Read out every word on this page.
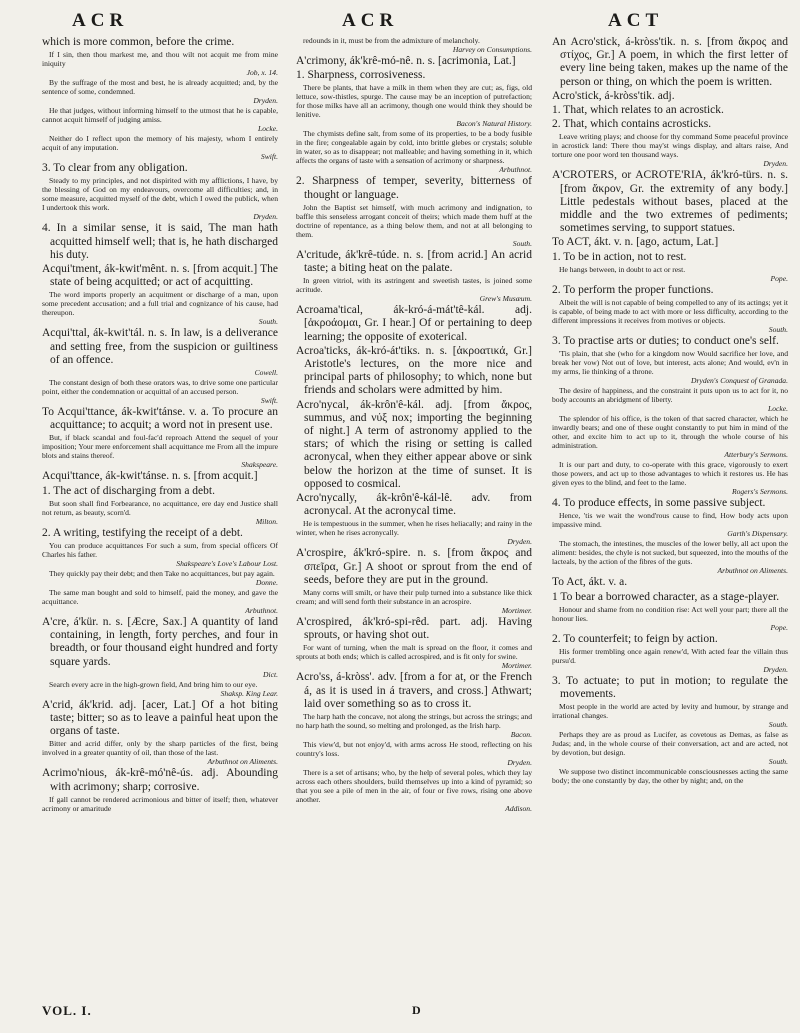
ACR	ACR	ACT

which is more common, before the crime.

If I sin, then thou markest me, and thou wilt not acquit me from mine iniquity

Job, x. 14.

By the suffrage of the most and best, he is already acquitted; and, by the sentence of some, condemned.

Dryden.

He that judges, without informing himself to the utmost that he is capable, cannot acquit himself of judging amiss.

Locke.

Neither do I reflect upon the memory of his majesty, whom I entirely acquit of any imputation.

Swift.

3. To clear from any obligation.

Steady to my principles, and not dispirited with my afflictions, I have, by the blessing of God on my endeavours, overcome all difficulties; and, in some measure, acquitted myself of the debt, which I owed the publick, when I undertook this work.

Dryden.

4. In a similar sense, it is said, The man hath acquitted himself well; that is, he hath discharged his duty.

Acqui'tment, ák-kwit'mênt. n. s. [from acquit.] The state of being acquitted; or act of acquitting.

The word imports properly an acquitment or discharge of a man, upon some precedent accusation; and a full trial and cognizance of his cause, had thereupon.

South.

Acqui'ttal, ák-kwit'tál. n. s. In law, is a deliverance and setting free, from the suspicion or guiltiness of an offence.

Cowell.

The constant design of both these orators was, to drive some one particular point, either the condemnation or acquittal of an accused person.

Swift.

To Acqui'ttance, ák-kwit'tánse. v. a. To procure an acquittance; to acquit; a word not in present use.

But, if black scandal and foul-fac'd reproach Attend the sequel of your imposition; Your mere enforcement shall acquittance me From all the impure blots and stains thereof.

Shakspeare.

Acqui'ttance, ák-kwit'tánse. n. s. [from acquit.]

1. The act of discharging from a debt.

But soon shall find Forbearance, no acquittance, ere day end Justice shall not return, as beauty, scorn'd.

Milton.

2. A writing, testifying the receipt of a debt.

You can produce acquittances For such a sum, from special officers Of Charles his father.

Shakspeare's Love's Labour Lost.

They quickly pay their debt; and then Take no acquittances, but pay again.

Donne.

The same man bought and sold to himself, paid the money, and gave the acquittance.

Arbuthnot.

A'cre, á'kür. n. s. [Æcre, Sax.] A quantity of land containing, in length, forty perches, and four in breadth, or four thousand eight hundred and forty square yards.

Dict.

Search every acre in the high-grown field, And bring him to our eye.

Shaksp. King Lear.

A'crid, ák'krid. adj. [acer, Lat.] Of a hot biting taste; bitter; so as to leave a painful heat upon the organs of taste.

Bitter and acrid differ, only by the sharp particles of the first, being involved in a greater quantity of oil, than those of the last.

Arbuthnot on Aliments.

Acrimo'nious, ák-krê-mó'nê-ús. adj. Abounding with acrimony; sharp; corrosive.

If gall cannot be rendered acrimonious and bitter of itself; then, whatever acrimony or amaritude

redounds in it, must be from the admixture of melancholy.

Harvey on Consumptions.

A'crimony, ák'krê-mó-nê. n. s. [acrimonia, Lat.]

1. Sharpness, corrosiveness.

There be plants, that have a milk in them when they are cut; as, figs, old lettuce, sow-thistles, spurge. The cause may be an inception of putrefaction; for those milks have all an acrimony, though one would think they should be lenitive.

Bacon's Natural History.

The chymists define salt, from some of its properties, to be a body fusible in the fire; congealable again by cold, into brittle glebes or crystals; soluble in water, so as to disappear; not malleable; and having something in it, which affects the organs of taste with a sensation of acrimony or sharpness.

Arbuthnot.

2. Sharpness of temper, severity, bitterness of thought or language.

John the Baptist set himself, with much acrimony and indignation, to baffle this senseless arrogant conceit of theirs; which made them huff at the doctrine of repentance, as a thing below them, and not at all belonging to them.

South.

A'critude, ák'krê-túde. n. s. [from acrid.] An acrid taste; a biting heat on the palate.

In green vitriol, with its astringent and sweetish tastes, is joined some acritude.

Grew's Musæum.

Acroama'tical, ák-kró-á-mát'tê-kál. adj. [ἀκροάομαι, Gr. I hear.] Of or pertaining to deep learning; the opposite of exoterical.

Acroa'ticks, ák-kró-át'tiks. n. s. [ἀκροατικά, Gr.] Aristotle's lectures, on the more nice and principal parts of philosophy; to which, none but friends and scholars were admitted by him.

Acro'nycal, ák-krôn'ê-kál. adj. [from ἄκρος, summus, and νύξ nox; importing the beginning of night.] A term of astronomy applied to the stars; of which the rising or setting is called acronycal, when they either appear above or sink below the horizon at the time of sunset. It is opposed to cosmical.

Acro'nycally, ák-krôn'ê-kál-lê. adv. from acronycal. At the acronycal time.

He is tempestuous in the summer, when he rises heliacally; and rainy in the winter, when he rises acronycally.

Dryden.

A'crospire, ák'kró-spire. n. s. [from ἄκρος and σπεῖρα, Gr.] A shoot or sprout from the end of seeds, before they are put in the ground.

Many corns will smilt, or have their pulp turned into a substance like thick cream; and will send forth their substance in an acrospire.

Mortimer.

A'crospired, ák'kró-spi-rêd. part. adj. Having sprouts, or having shot out.

For want of turning, when the malt is spread on the floor, it comes and sprouts at both ends; which is called acrospired, and is fit only for swine.

Mortimer.

Acro'ss, á-kròss'. adv. [from a for at, or the French á, as it is used in á travers, and cross.] Athwart; laid over something so as to cross it.

The harp hath the concave, not along the strings, but across the strings; and no harp hath the sound, so melting and prolonged, as the Irish harp.

Bacon.

This view'd, but not enjoy'd, with arms across He stood, reflecting on his country's loss.

Dryden.

There is a set of artisans; who, by the help of several poles, which they lay across each others shoulders, build themselves up into a kind of pyramid; so that you see a pile of men in the air, of four or five rows, rising one above another.

Addison.

An Acro'stick, á-kròss'tik. n. s. [from ἄκρος and στίχος, Gr.] A poem, in which the first letter of every line being taken, makes up the name of the person or thing, on which the poem is written.

Acro'stick, á-kròss'tik. adj.

1. That, which relates to an acrostick.

2. That, which contains acrosticks.

Leave writing plays; and choose for thy command Some peaceful province in acrostick land: There thou may'st wings display, and altars raise, And torture one poor word ten thousand ways.

Dryden.

A'CROTERS, or ACROTE'RIA, ák'kró-türs. n. s. [from ἄκρον, Gr. the extremity of any body.] Little pedestals without bases, placed at the middle and the two extremes of pediments; sometimes serving, to support statues.

To ACT, ákt. v. n. [ago, actum, Lat.]

1. To be in action, not to rest.

He hangs between, in doubt to act or rest.

Pope.

2. To perform the proper functions.

Albeit the will is not capable of being compelled to any of its actings; yet it is capable, of being made to act with more or less difficulty, according to the different impressions it receives from motives or objects.

South.

3. To practise arts or duties; to conduct one's self.

'Tis plain, that she (who for a kingdom now Would sacrifice her love, and break her vow) Not out of love, but interest, acts alone; And would, ev'n in my arms, lie thinking of a throne.

Dryden's Conquest of Granada.

The desire of happiness, and the constraint it puts upon us to act for it, no body accounts an abridgment of liberty.

Locke.

The splendor of his office, is the token of that sacred character, which he inwardly bears; and one of these ought constantly to put him in mind of the other, and excite him to act up to it, through the whole course of his administration.

Atterbury's Sermons.

It is our part and duty, to co-operate with this grace, vigorously to exert those powers, and act up to those advantages to which it restores us. He has given eyes to the blind, and feet to the lame.

Rogers's Sermons.

4. To produce effects, in some passive subject.

Hence, 'tis we wait the wond'rous cause to find, How body acts upon impassive mind.

Garth's Dispensary.

The stomach, the intestines, the muscles of the lower belly, all act upon the aliment: besides, the chyle is not sucked, but squeezed, into the mouths of the lacteals, by the action of the fibres of the guts.

Arbuthnot on Aliments.

To Act, ákt. v. a.

1 To bear a borrowed character, as a stage-player.

Honour and shame from no condition rise: Act well your part; there all the honour lies.

Pope.

2. To counterfeit; to feign by action.

His former trembling once again renew'd, With acted fear the villain thus pursu'd.

Dryden.

3. To actuate; to put in motion; to regulate the movements.

Most people in the world are acted by levity and humour, by strange and irrational changes.

South.

Perhaps they are as proud as Lucifer, as covetous as Demas, as false as Judas; and, in the whole course of their conversation, act and are acted, not by devotion, but design.

South.

We suppose two distinct incommunicable consciousnesses acting the same body; the one constantly by day, the other by night; and, on the

VOL. I.	D
